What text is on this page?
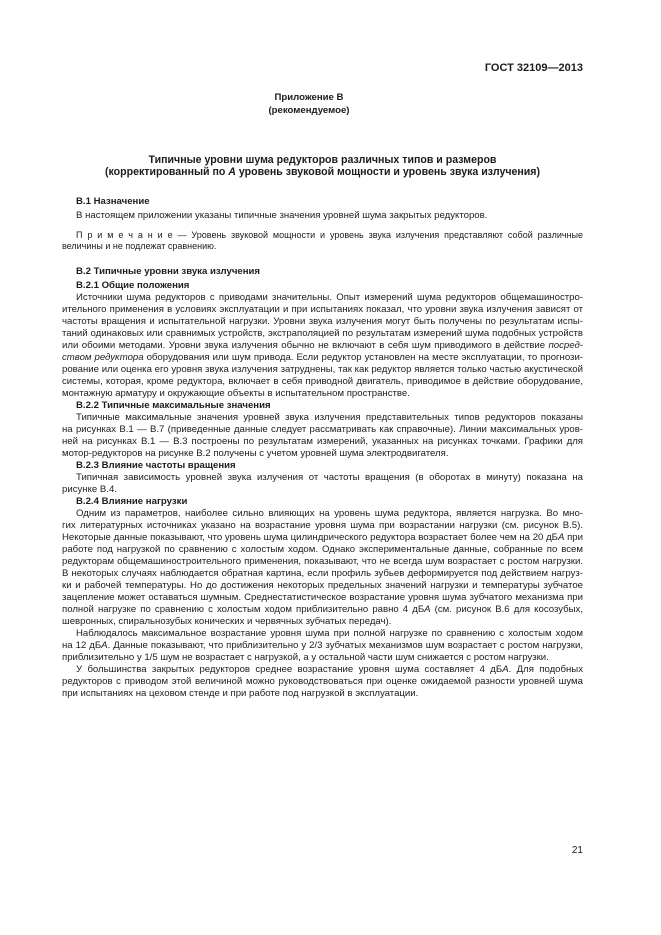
ГОСТ 32109—2013
Приложение В
(рекомендуемое)
Типичные уровни шума редукторов различных типов и размеров
(корректированный по А уровень звуковой мощности и уровень звука излучения)
В.1 Назначение
В настоящем приложении указаны типичные значения уровней шума закрытых редукторов.
П р и м е ч а н и е — Уровень звуковой мощности и уровень звука излучения представляют собой различные
величины и не подлежат сравнению.
В.2 Типичные уровни звука излучения
В.2.1 Общие положения
Источники шума редукторов с приводами значительны. Опыт измерений шума редукторов общемашиностро-
ительного применения в условиях эксплуатации и при испытаниях показал, что уровни звука излучения зависят от
частоты вращения и испытательной нагрузки. Уровни звука излучения могут быть получены по результатам испы-
таний одинаковых или сравнимых устройств, экстраполяцией по результатам измерений шума подобных устройств
или обоими методами. Уровни звука излучения обычно не включают в себя шум приводимого в действие посред-
ством редуктора оборудования или шум привода. Если редуктор установлен на месте эксплуатации, то прогнози-
рование или оценка его уровня звука излучения затруднены, так как редуктор является только частью акустической
системы, которая, кроме редуктора, включает в себя приводной двигатель, приводимое в действие оборудование,
монтажную арматуру и окружающие объекты в испытательном пространстве.
В.2.2 Типичные максимальные значения
Типичные максимальные значения уровней звука излучения представительных типов редукторов показаны
на рисунках В.1 — В.7 (приведенные данные следует рассматривать как справочные). Линии максимальных уров-
ней на рисунках В.1 — В.3 построены по результатам измерений, указанных на рисунках точками. Графики для
мотор-редукторов на рисунке В.2 получены с учетом уровней шума электродвигателя.
В.2.3 Влияние частоты вращения
Типичная зависимость уровней звука излучения от частоты вращения (в оборотах в минуту) показана на
рисунке В.4.
В.2.4 Влияние нагрузки
Одним из параметров, наиболее сильно влияющих на уровень шума редуктора, является нагрузка. Во мно-
гих литературных источниках указано на возрастание уровня шума при возрастании нагрузки (см. рисунок В.5).
Некоторые данные показывают, что уровень шума цилиндрического редуктора возрастает более чем на 20 дБА при
работе под нагрузкой по сравнению с холостым ходом. Однако экспериментальные данные, собранные по всем
редукторам общемашиностроительного применения, показывают, что не всегда шум возрастает с ростом нагрузки.
В некоторых случаях наблюдается обратная картина, если профиль зубьев деформируется под действием нагруз-
ки и рабочей температуры. Но до достижения некоторых предельных значений нагрузки и температуры зубчатое
зацепление может оставаться шумным. Среднестатистическое возрастание уровня шума зубчатого механизма при
полной нагрузке по сравнению с холостым ходом приблизительно равно 4 дБА (см. рисунок В.6 для косозубых,
шевронных, спиральнозубых конических и червячных зубчатых передач).
Наблюдалось максимальное возрастание уровня шума при полной нагрузке по сравнению с холостым ходом
на 12 дБА. Данные показывают, что приблизительно у 2/3 зубчатых механизмов шум возрастает с ростом нагрузки,
приблизительно у 1/5 шум не возрастает с нагрузкой, а у остальной части шум снижается с ростом нагрузки.
У большинства закрытых редукторов среднее возрастание уровня шума составляет 4 дБА. Для подобных
редукторов с приводом этой величиной можно руководствоваться при оценке ожидаемой разности уровней шума
при испытаниях на цеховом стенде и при работе под нагрузкой в эксплуатации.
21
